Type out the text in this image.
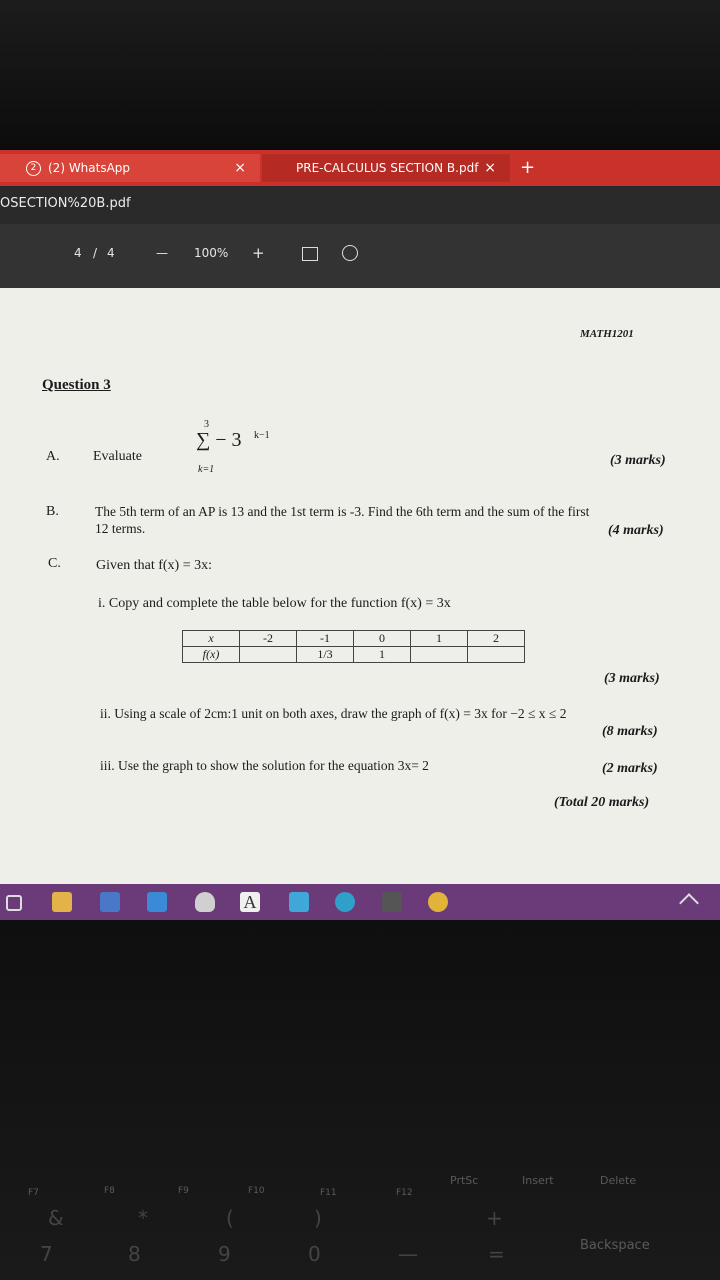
2 (2) WhatsApp	×	PRE-CALCULUS SECTION B.pdf × +
OSECTION%20B.pdf
4 / 4	— 100% +
MATH1201
Question 3
A. Evaluate
3
∑ − 3 k−1
k=1
(3 marks)
B.	The 5th term of an AP is 13 and the 1st term is -3. Find the 6th term and the sum of the first
12 terms.	(4 marks)
C.	Given that f(x) = 3x:
i. Copy and complete the table below for the function f(x) = 3x
x	-2	-1	0	1	2
f(x)		1/3	1		
(3 marks)
ii. Using a scale of 2cm:1 unit on both axes, draw the graph of f(x) = 3x for −2 ≤ x ≤ 2
(8 marks)
iii. Use the graph to show the solution for the equation 3x= 2	(2 marks)
(Total 20 marks)
A
F7	F8	F9	F10	F11	F12
PrtSc	Insert	Delete
&	*	(	)	+
Backspace
7	8	9	0	—	=
